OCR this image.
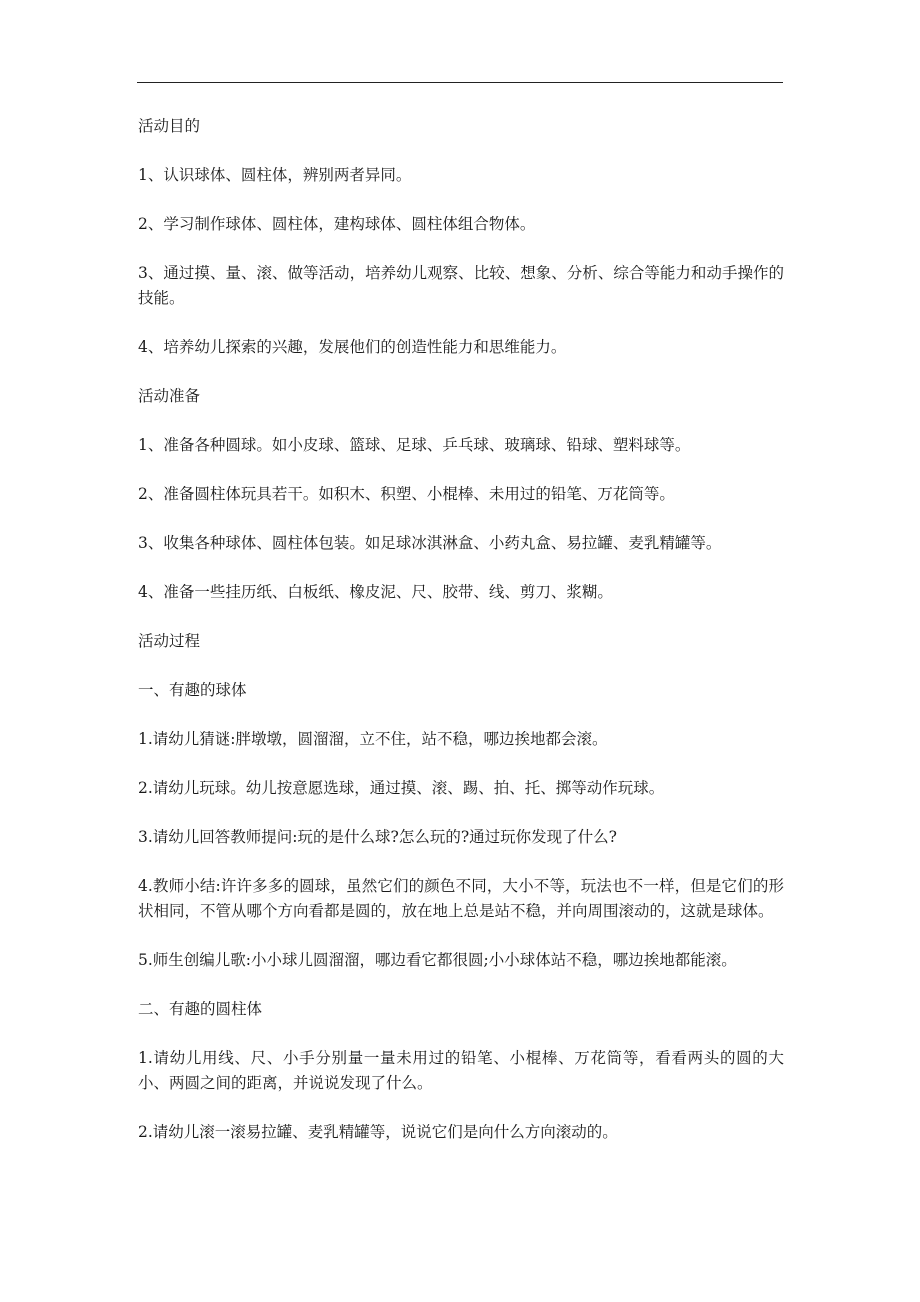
活动目的

1、认识球体、圆柱体，辨别两者异同。

2、学习制作球体、圆柱体，建构球体、圆柱体组合物体。

3、通过摸、量、滚、做等活动，培养幼儿观察、比较、想象、分析、综合等能力和动手操作的技能。

4、培养幼儿探索的兴趣，发展他们的创造性能力和思维能力。

活动准备

1、准备各种圆球。如小皮球、篮球、足球、乒乓球、玻璃球、铅球、塑料球等。

2、准备圆柱体玩具若干。如积木、积塑、小棍棒、未用过的铅笔、万花筒等。

3、收集各种球体、圆柱体包装。如足球冰淇淋盒、小药丸盒、易拉罐、麦乳精罐等。

4、准备一些挂历纸、白板纸、橡皮泥、尺、胶带、线、剪刀、浆糊。

活动过程

一、有趣的球体

1.请幼儿猜谜:胖墩墩，圆溜溜，立不住，站不稳，哪边挨地都会滚。

2.请幼儿玩球。幼儿按意愿选球，通过摸、滚、踢、拍、托、掷等动作玩球。

3.请幼儿回答教师提问:玩的是什么球?怎么玩的?通过玩你发现了什么?

4.教师小结:许许多多的圆球，虽然它们的颜色不同，大小不等，玩法也不一样，但是它们的形状相同，不管从哪个方向看都是圆的，放在地上总是站不稳，并向周围滚动的，这就是球体。

5.师生创编儿歌:小小球儿圆溜溜，哪边看它都很圆;小小球体站不稳，哪边挨地都能滚。

二、有趣的圆柱体

1.请幼儿用线、尺、小手分别量一量未用过的铅笔、小棍棒、万花筒等，看看两头的圆的大小、两圆之间的距离，并说说发现了什么。

2.请幼儿滚一滚易拉罐、麦乳精罐等，说说它们是向什么方向滚动的。
